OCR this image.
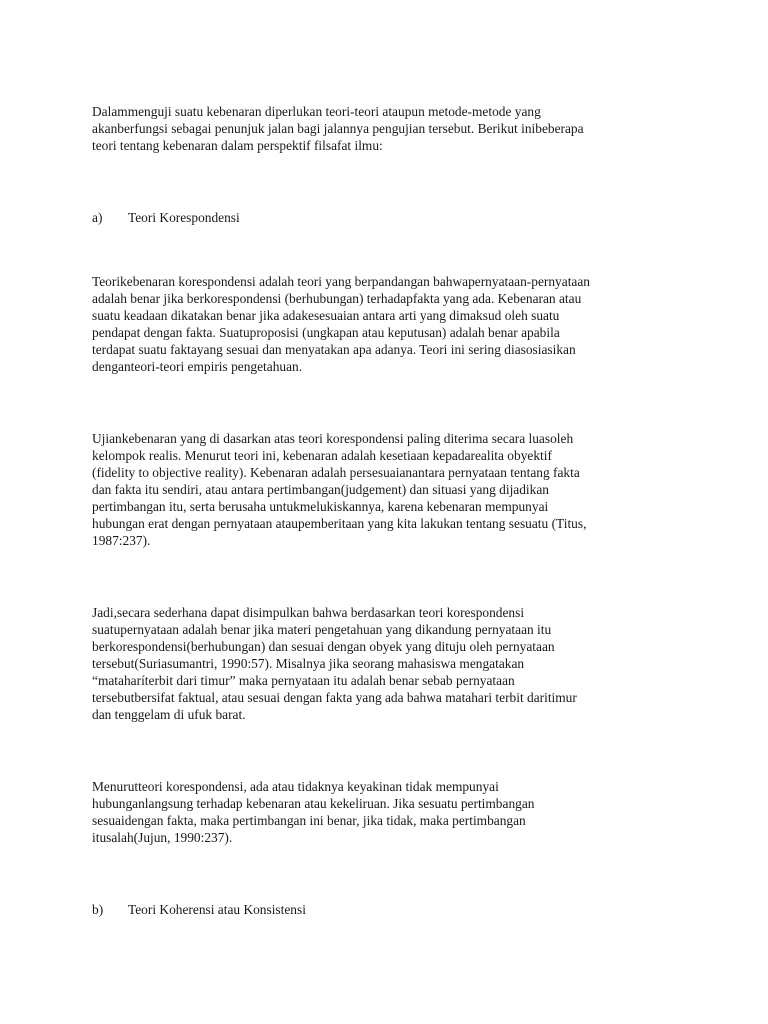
Dalammenguji suatu kebenaran diperlukan teori-teori ataupun metode-metode yang
akanberfungsi sebagai penunjuk jalan bagi jalannya pengujian tersebut. Berikut inibeberapa
teori tentang kebenaran dalam perspektif filsafat ilmu:

a)	Teori Korespondensi

Teorikebenaran korespondensi adalah teori yang berpandangan bahwapernyataan-pernyataan
adalah benar jika berkorespondensi (berhubungan) terhadapfakta yang ada. Kebenaran atau
suatu keadaan dikatakan benar jika adakesesuaian antara arti yang dimaksud oleh suatu
pendapat dengan fakta. Suatuproposisi (ungkapan atau keputusan) adalah benar apabila
terdapat suatu faktayang sesuai dan menyatakan apa adanya. Teori ini sering diasosiasikan
denganteori-teori empiris pengetahuan.

Ujiankebenaran yang di dasarkan atas teori korespondensi paling diterima secara luasoleh
kelompok realis. Menurut teori ini, kebenaran adalah kesetiaan kepadarealita obyektif
(fidelity to objective reality). Kebenaran adalah persesuaianantara pernyataan tentang fakta
dan fakta itu sendiri, atau antara pertimbangan(judgement) dan situasi yang dijadikan
pertimbangan itu, serta berusaha untukmelukiskannya, karena kebenaran mempunyai
hubungan erat dengan pernyataan ataupemberitaan yang kita lakukan tentang sesuatu (Titus,
1987:237).

Jadi,secara sederhana dapat disimpulkan bahwa berdasarkan teori korespondensi
suatupernyataan adalah benar jika materi pengetahuan yang dikandung pernyataan itu
berkorespondensi(berhubungan) dan sesuai dengan obyek yang dituju oleh pernyataan
tersebut(Suriasumantri, 1990:57). Misalnya jika seorang mahasiswa mengatakan
“mataharíterbit dari timur” maka pernyataan itu adalah benar sebab pernyataan
tersebutbersifat faktual, atau sesuai dengan fakta yang ada bahwa matahari terbit daritimur
dan tenggelam di ufuk barat.

Menurutteori korespondensi, ada atau tidaknya keyakinan tidak mempunyai
hubunganlangsung terhadap kebenaran atau kekeliruan. Jika sesuatu pertimbangan
sesuaidengan fakta, maka pertimbangan ini benar, jika tidak, maka pertimbangan
itusalah(Jujun, 1990:237).

b)	Teori Koherensi atau Konsistensi
